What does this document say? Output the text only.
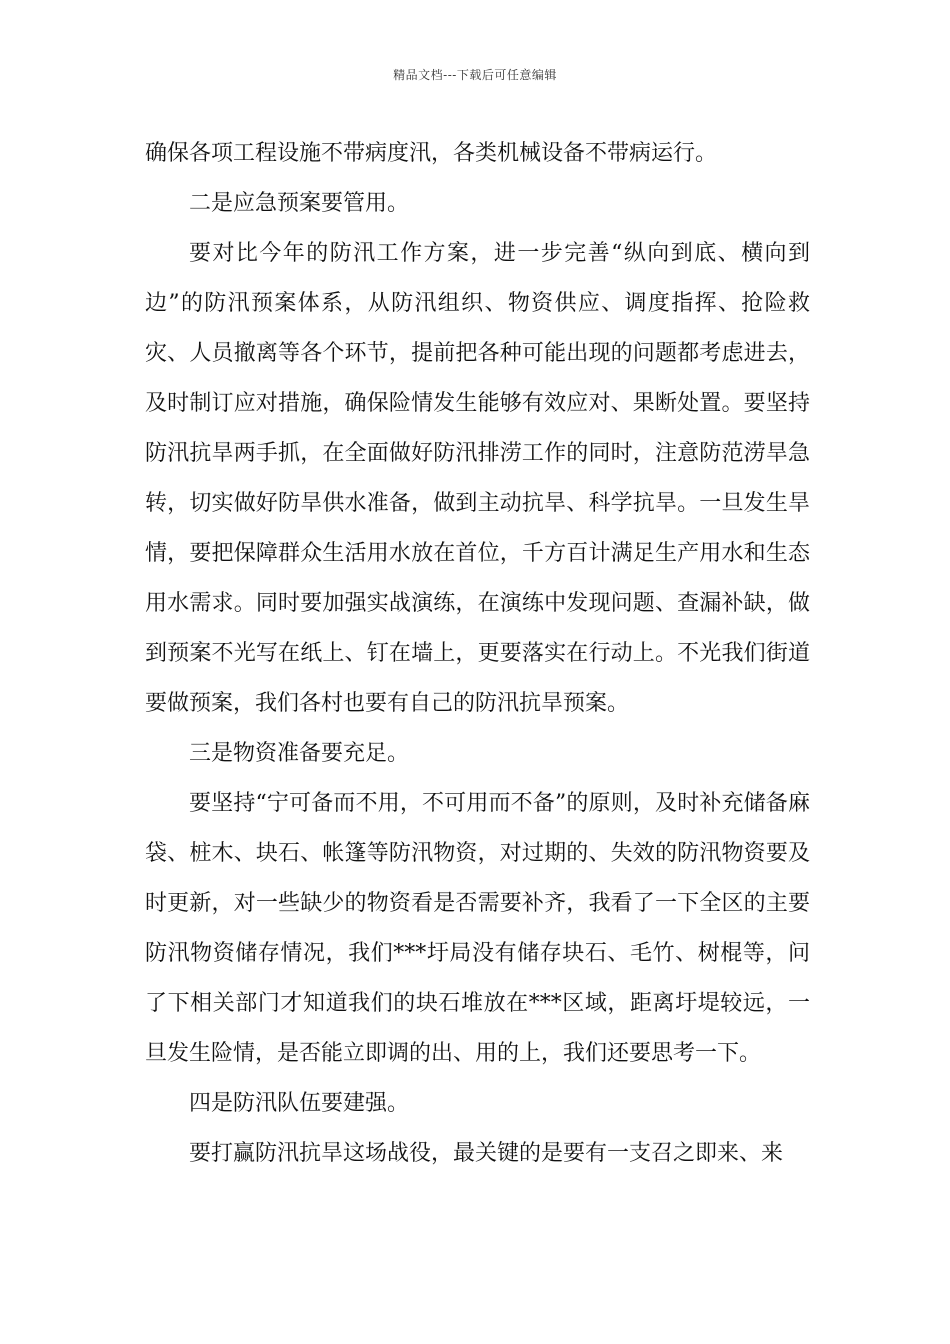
精品文档---下载后可任意编辑

确保各项工程设施不带病度汛，各类机械设备不带病运行。

二是应急预案要管用。

要对比今年的防汛工作方案，进一步完善“纵向到底、横向到边”的防汛预案体系，从防汛组织、物资供应、调度指挥、抢险救灾、人员撤离等各个环节，提前把各种可能出现的问题都考虑进去，及时制订应对措施，确保险情发生能够有效应对、果断处置。要坚持防汛抗旱两手抓，在全面做好防汛排涝工作的同时，注意防范涝旱急转，切实做好防旱供水准备，做到主动抗旱、科学抗旱。一旦发生旱情，要把保障群众生活用水放在首位，千方百计满足生产用水和生态用水需求。同时要加强实战演练，在演练中发现问题、查漏补缺，做到预案不光写在纸上、钉在墙上，更要落实在行动上。不光我们街道要做预案，我们各村也要有自己的防汛抗旱预案。

三是物资准备要充足。

要坚持“宁可备而不用，不可用而不备”的原则，及时补充储备麻袋、桩木、块石、帐篷等防汛物资，对过期的、失效的防汛物资要及时更新，对一些缺少的物资看是否需要补齐，我看了一下全区的主要防汛物资储存情况，我们***圩局没有储存块石、毛竹、树棍等，问了下相关部门才知道我们的块石堆放在***区域，距离圩堤较远，一旦发生险情，是否能立即调的出、用的上，我们还要思考一下。

四是防汛队伍要建强。

要打赢防汛抗旱这场战役，最关键的是要有一支召之即来、来
